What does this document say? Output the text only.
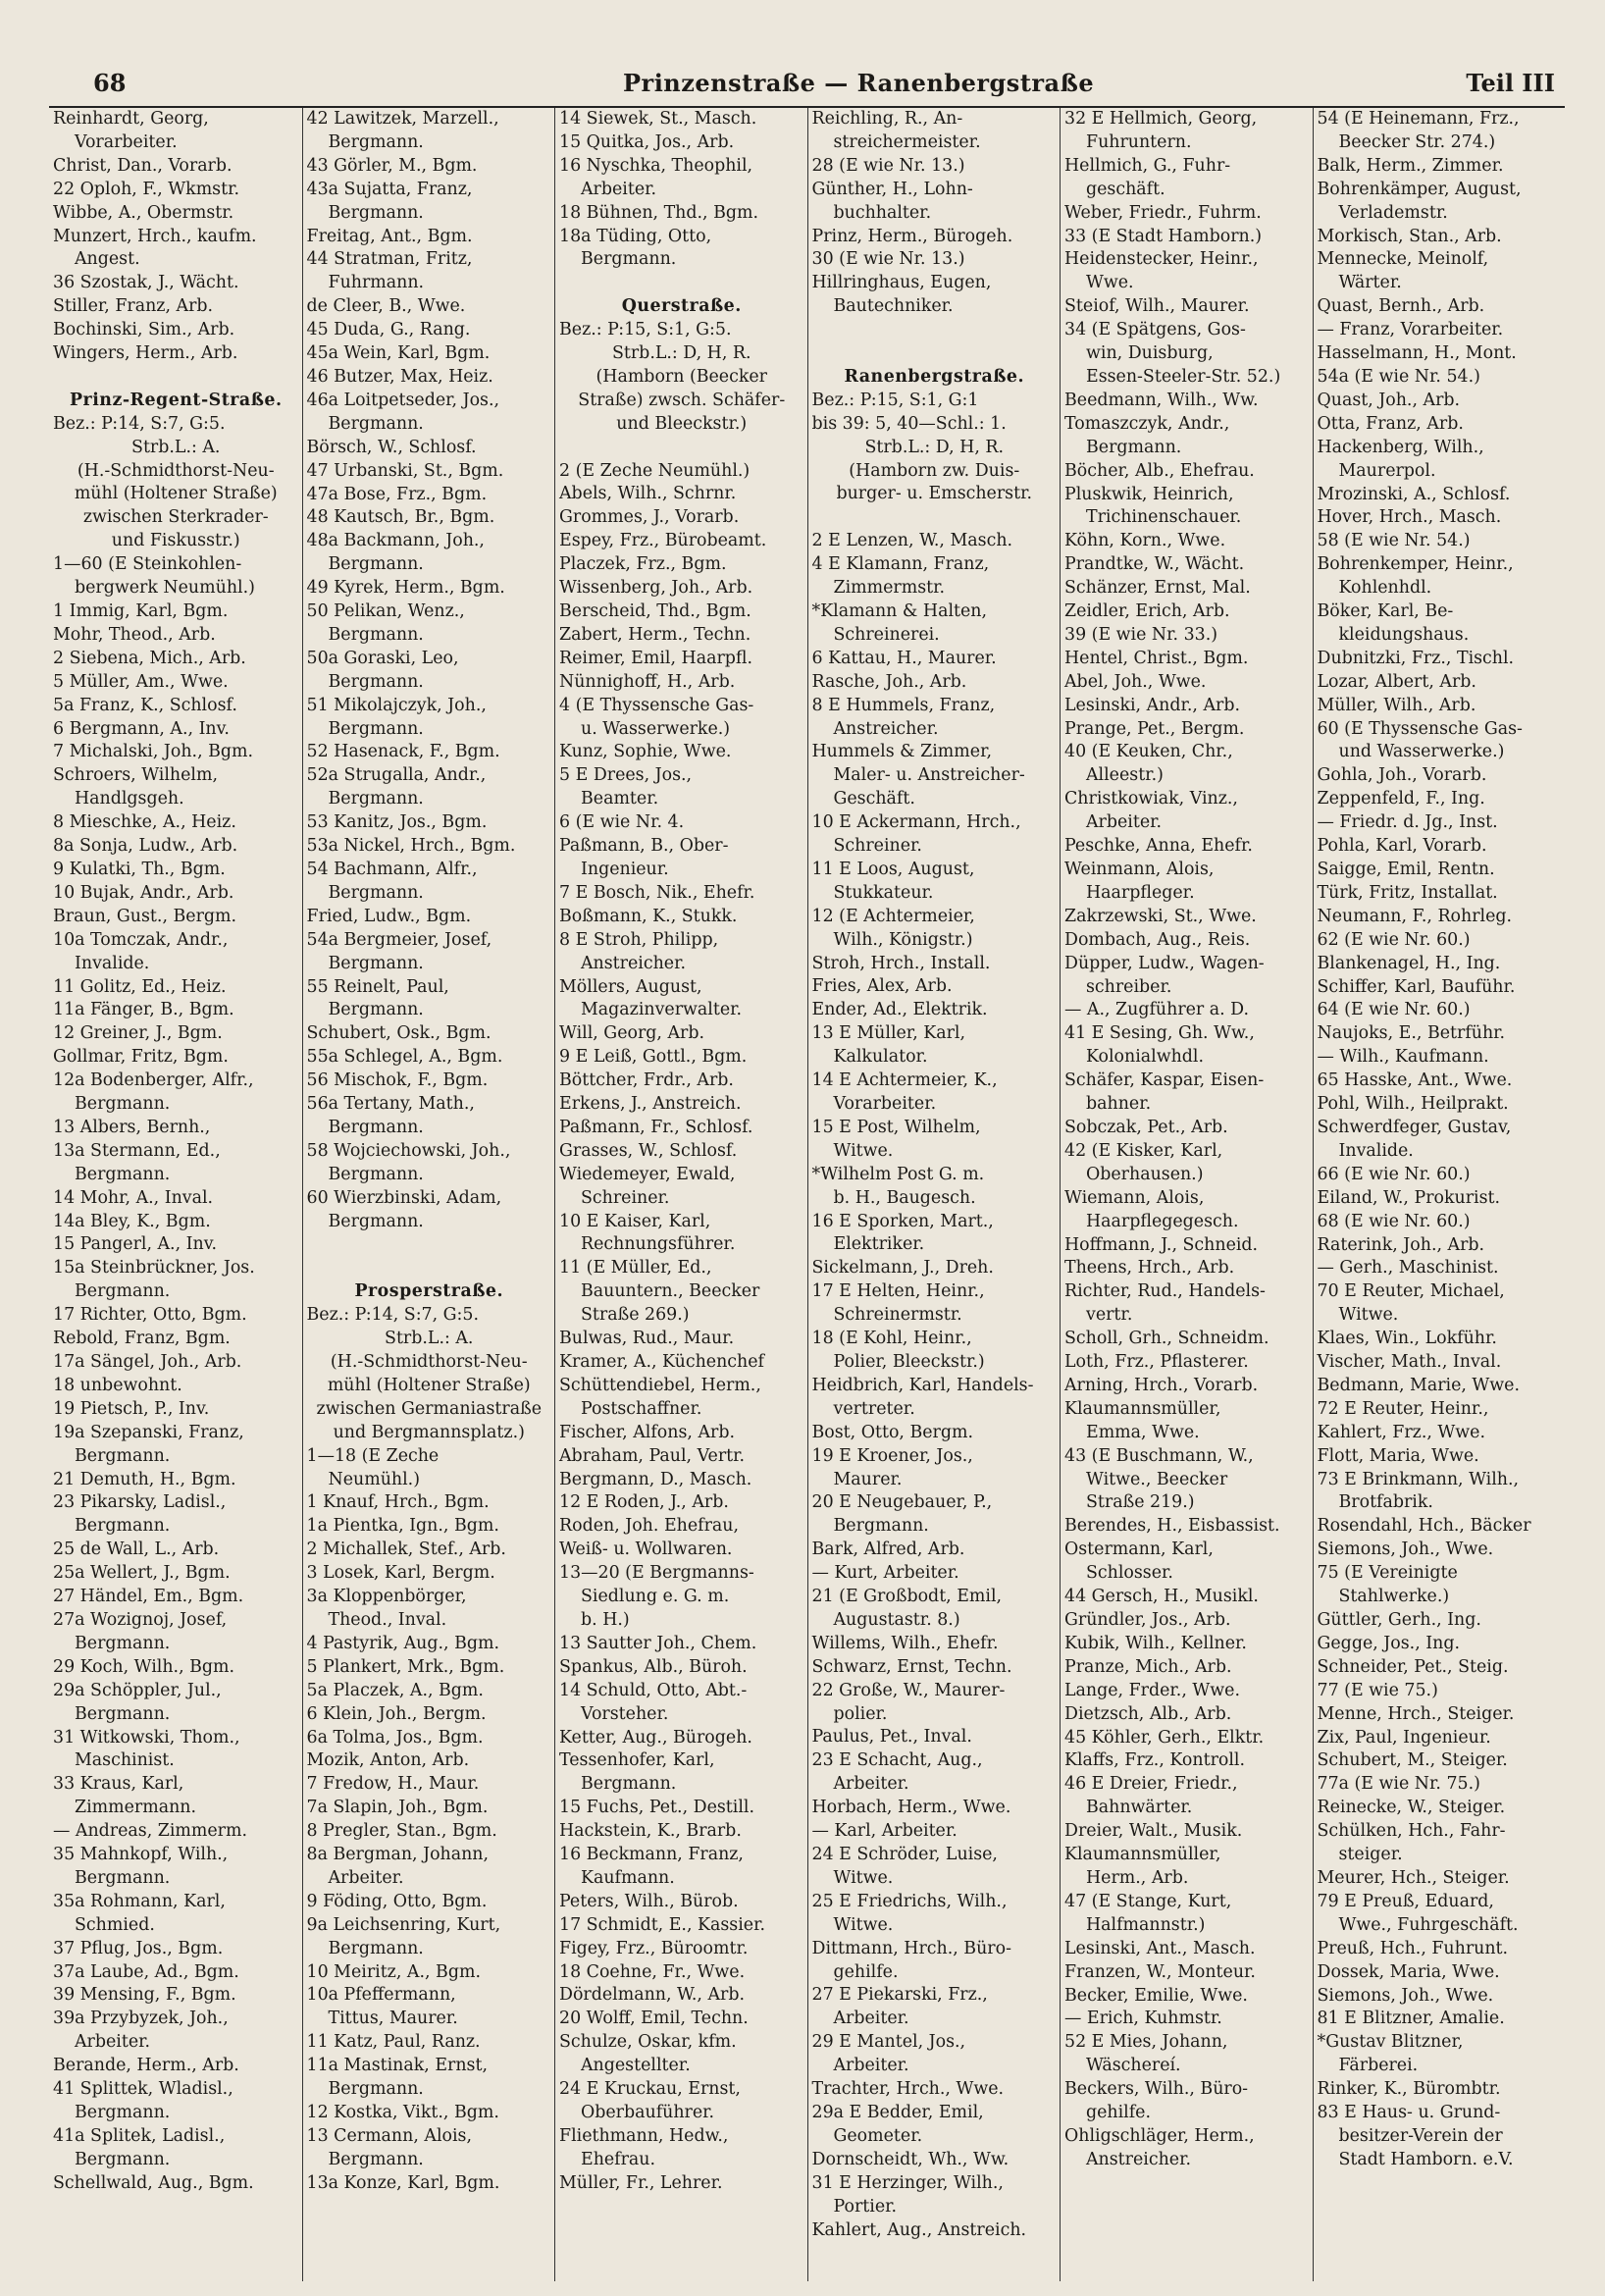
68	Prinzenstraße — Ranenbergstraße	Teil III
Reinhardt, Georg,
Vorarbeiter.
Christ, Dan., Vorarb.
22 Oploh, F., Wkmstr.
Wibbe, A., Obermstr.
Munzert, Hrch., kaufm.
Angest.
36 Szostak, J., Wächt.
Stiller, Franz, Arb.
Bochinski, Sim., Arb.
Wingers, Herm., Arb.
Prinz-Regent-Straße.
Bez.: P:14, S:7, G:5.
Strb.L.: A.
(H.-Schmidthorst-Neu-
mühl (Holtener Straße)
zwischen Sterkrader-
und Fiskusstr.)
1—60 (E Steinkohlen-
bergwerk Neumühl.)
1 Immig, Karl, Bgm.
Mohr, Theod., Arb.
2 Siebena, Mich., Arb.
5 Müller, Am., Wwe.
5a Franz, K., Schlosf.
6 Bergmann, A., Inv.
7 Michalski, Joh., Bgm.
Schroers, Wilhelm,
Handlgsgeh.
8 Mieschke, A., Heiz.
8a Sonja, Ludw., Arb.
9 Kulatki, Th., Bgm.
10 Bujak, Andr., Arb.
Braun, Gust., Bergm.
10a Tomczak, Andr.,
Invalide.
11 Golitz, Ed., Heiz.
11a Fänger, B., Bgm.
12 Greiner, J., Bgm.
Gollmar, Fritz, Bgm.
12a Bodenberger, Alfr.,
Bergmann.
13 Albers, Bernh.,
13a Stermann, Ed.,
Bergmann.
14 Mohr, A., Inval.
14a Bley, K., Bgm.
15 Pangerl, A., Inv.
15a Steinbrückner, Jos.
Bergmann.
17 Richter, Otto, Bgm.
Rebold, Franz, Bgm.
17a Sängel, Joh., Arb.
18 unbewohnt.
19 Pietsch, P., Inv.
19a Szepanski, Franz,
Bergmann.
21 Demuth, H., Bgm.
23 Pikarsky, Ladisl.,
Bergmann.
25 de Wall, L., Arb.
25a Wellert, J., Bgm.
27 Händel, Em., Bgm.
27a Wozignoj, Josef,
Bergmann.
29 Koch, Wilh., Bgm.
29a Schöppler, Jul.,
Bergmann.
31 Witkowski, Thom.,
Maschinist.
33 Kraus, Karl,
Zimmermann.
— Andreas, Zimmerm.
35 Mahnkopf, Wilh.,
Bergmann.
35a Rohmann, Karl,
Schmied.
37 Pflug, Jos., Bgm.
37a Laube, Ad., Bgm.
39 Mensing, F., Bgm.
39a Przybyzek, Joh.,
Arbeiter.
Berande, Herm., Arb.
41 Splittek, Wladisl.,
Bergmann.
41a Splitek, Ladisl.,
Bergmann.
Schellwald, Aug., Bgm.
42 Lawitzek, Marzell.,
Bergmann.
43 Görler, M., Bgm.
43a Sujatta, Franz,
Bergmann.
Freitag, Ant., Bgm.
44 Stratman, Fritz,
Fuhrmann.
de Cleer, B., Wwe.
45 Duda, G., Rang.
45a Wein, Karl, Bgm.
46 Butzer, Max, Heiz.
46a Loitpetseder, Jos.,
Bergmann.
Börsch, W., Schlosf.
47 Urbanski, St., Bgm.
47a Bose, Frz., Bgm.
48 Kautsch, Br., Bgm.
48a Backmann, Joh.,
Bergmann.
49 Kyrek, Herm., Bgm.
50 Pelikan, Wenz.,
Bergmann.
50a Goraski, Leo,
Bergmann.
51 Mikolajczyk, Joh.,
Bergmann.
52 Hasenack, F., Bgm.
52a Strugalla, Andr.,
Bergmann.
53 Kanitz, Jos., Bgm.
53a Nickel, Hrch., Bgm.
54 Bachmann, Alfr.,
Bergmann.
Fried, Ludw., Bgm.
54a Bergmeier, Josef,
Bergmann.
55 Reinelt, Paul,
Bergmann.
Schubert, Osk., Bgm.
55a Schlegel, A., Bgm.
56 Mischok, F., Bgm.
56a Tertany, Math.,
Bergmann.
58 Wojciechowski, Joh.,
Bergmann.
60 Wierzbinski, Adam,
Bergmann.
Prosperstraße.
Bez.: P:14, S:7, G:5.
Strb.L.: A.
(H.-Schmidthorst-Neu-
mühl (Holtener Straße)
zwischen Germaniastraße
und Bergmannsplatz.)
1—18 (E Zeche
Neumühl.)
1 Knauf, Hrch., Bgm.
1a Pientka, Ign., Bgm.
2 Michallek, Stef., Arb.
3 Losek, Karl, Bergm.
3a Kloppenbörger,
Theod., Inval.
4 Pastyrik, Aug., Bgm.
5 Plankert, Mrk., Bgm.
5a Placzek, A., Bgm.
6 Klein, Joh., Bergm.
6a Tolma, Jos., Bgm.
Mozik, Anton, Arb.
7 Fredow, H., Maur.
7a Slapin, Joh., Bgm.
8 Pregler, Stan., Bgm.
8a Bergman, Johann,
Arbeiter.
9 Föding, Otto, Bgm.
9a Leichsenring, Kurt,
Bergmann.
10 Meiritz, A., Bgm.
10a Pfeffermann,
Tittus, Maurer.
11 Katz, Paul, Ranz.
11a Mastinak, Ernst,
Bergmann.
12 Kostka, Vikt., Bgm.
13 Cermann, Alois,
Bergmann.
13a Konze, Karl, Bgm.
14 Siewek, St., Masch.
15 Quitka, Jos., Arb.
16 Nyschka, Theophil,
Arbeiter.
18 Bühnen, Thd., Bgm.
18a Tüding, Otto,
Bergmann.
Querstraße.
Bez.: P:15, S:1, G:5.
Strb.L.: D, H, R.
(Hamborn (Beecker
Straße) zwsch. Schäfer-
und Bleeckstr.)
2 (E Zeche Neumühl.)
Abels, Wilh., Schrnr.
Grommes, J., Vorarb.
Espey, Frz., Bürobeamt.
Placzek, Frz., Bgm.
Wissenberg, Joh., Arb.
Berscheid, Thd., Bgm.
Zabert, Herm., Techn.
Reimer, Emil, Haarpfl.
Nünnighoff, H., Arb.
4 (E Thyssensche Gas-
u. Wasserwerke.)
Kunz, Sophie, Wwe.
5 E Drees, Jos.,
Beamter.
6 (E wie Nr. 4.
Paßmann, B., Ober-
Ingenieur.
7 E Bosch, Nik., Ehefr.
Boßmann, K., Stukk.
8 E Stroh, Philipp,
Anstreicher.
Möllers, August,
Magazinverwalter.
Will, Georg, Arb.
9 E Leiß, Gottl., Bgm.
Böttcher, Frdr., Arb.
Erkens, J., Anstreich.
Paßmann, Fr., Schlosf.
Grasses, W., Schlosf.
Wiedemeyer, Ewald,
Schreiner.
10 E Kaiser, Karl,
Rechnungsführer.
11 (E Müller, Ed.,
Bauuntern., Beecker
Straße 269.)
Bulwas, Rud., Maur.
Kramer, A., Küchenchef
Schüttendiebel, Herm.,
Postschaffner.
Fischer, Alfons, Arb.
Abraham, Paul, Vertr.
Bergmann, D., Masch.
12 E Roden, J., Arb.
Roden, Joh. Ehefrau,
Weiß- u. Wollwaren.
13—20 (E Bergmanns-
Siedlung e. G. m.
b. H.)
13 Sautter Joh., Chem.
Spankus, Alb., Büroh.
14 Schuld, Otto, Abt.-
Vorsteher.
Ketter, Aug., Bürogeh.
Tessenhofer, Karl,
Bergmann.
15 Fuchs, Pet., Destill.
Hackstein, K., Brarb.
16 Beckmann, Franz,
Kaufmann.
Peters, Wilh., Bürob.
17 Schmidt, E., Kassier.
Figey, Frz., Büroomtr.
18 Coehne, Fr., Wwe.
Dördelmann, W., Arb.
20 Wolff, Emil, Techn.
Schulze, Oskar, kfm.
Angestellter.
24 E Kruckau, Ernst,
Oberbauführer.
Fliethmann, Hedw.,
Ehefrau.
Müller, Fr., Lehrer.
Reichling, R., An-
streichermeister.
28 (E wie Nr. 13.)
Günther, H., Lohn-
buchhalter.
Prinz, Herm., Bürogeh.
30 (E wie Nr. 13.)
Hillringhaus, Eugen,
Bautechniker.
Ranenbergstraße.
Bez.: P:15, S:1, G:1
bis 39: 5, 40—Schl.: 1.
Strb.L.: D, H, R.
(Hamborn zw. Duis-
burger- u. Emscherstr.
2 E Lenzen, W., Masch.
4 E Klamann, Franz,
Zimmermstr.
*Klamann & Halten,
Schreinerei.
6 Kattau, H., Maurer.
Rasche, Joh., Arb.
8 E Hummels, Franz,
Anstreicher.
Hummels & Zimmer,
Maler- u. Anstreicher-
Geschäft.
10 E Ackermann, Hrch.,
Schreiner.
11 E Loos, August,
Stukkateur.
12 (E Achtermeier,
Wilh., Königstr.)
Stroh, Hrch., Install.
Fries, Alex, Arb.
Ender, Ad., Elektrik.
13 E Müller, Karl,
Kalkulator.
14 E Achtermeier, K.,
Vorarbeiter.
15 E Post, Wilhelm,
Witwe.
*Wilhelm Post G. m.
b. H., Baugesch.
16 E Sporken, Mart.,
Elektriker.
Sickelmann, J., Dreh.
17 E Helten, Heinr.,
Schreinermstr.
18 (E Kohl, Heinr.,
Polier, Bleeckstr.)
Heidbrich, Karl, Handels-
vertreter.
Bost, Otto, Bergm.
19 E Kroener, Jos.,
Maurer.
20 E Neugebauer, P.,
Bergmann.
Bark, Alfred, Arb.
— Kurt, Arbeiter.
21 (E Großbodt, Emil,
Augustastr. 8.)
Willems, Wilh., Ehefr.
Schwarz, Ernst, Techn.
22 Große, W., Maurer-
polier.
Paulus, Pet., Inval.
23 E Schacht, Aug.,
Arbeiter.
Horbach, Herm., Wwe.
— Karl, Arbeiter.
24 E Schröder, Luise,
Witwe.
25 E Friedrichs, Wilh.,
Witwe.
Dittmann, Hrch., Büro-
gehilfe.
27 E Piekarski, Frz.,
Arbeiter.
29 E Mantel, Jos.,
Arbeiter.
Trachter, Hrch., Wwe.
29a E Bedder, Emil,
Geometer.
Dornscheidt, Wh., Ww.
31 E Herzinger, Wilh.,
Portier.
Kahlert, Aug., Anstreich.
32 E Hellmich, Georg,
Fuhruntern.
Hellmich, G., Fuhr-
geschäft.
Weber, Friedr., Fuhrm.
33 (E Stadt Hamborn.)
Heidenstecker, Heinr.,
Wwe.
Steiof, Wilh., Maurer.
34 (E Spätgens, Gos-
win, Duisburg,
Essen-Steeler-Str. 52.)
Beedmann, Wilh., Ww.
Tomaszczyk, Andr.,
Bergmann.
Böcher, Alb., Ehefrau.
Pluskwik, Heinrich,
Trichinenschauer.
Köhn, Korn., Wwe.
Prandtke, W., Wächt.
Schänzer, Ernst, Mal.
Zeidler, Erich, Arb.
39 (E wie Nr. 33.)
Hentel, Christ., Bgm.
Abel, Joh., Wwe.
Lesinski, Andr., Arb.
Prange, Pet., Bergm.
40 (E Keuken, Chr.,
Alleestr.)
Christkowiak, Vinz.,
Arbeiter.
Peschke, Anna, Ehefr.
Weinmann, Alois,
Haarpfleger.
Zakrzewski, St., Wwe.
Dombach, Aug., Reis.
Düpper, Ludw., Wagen-
schreiber.
— A., Zugführer a. D.
41 E Sesing, Gh. Ww.,
Kolonialwhdl.
Schäfer, Kaspar, Eisen-
bahner.
Sobczak, Pet., Arb.
42 (E Kisker, Karl,
Oberhausen.)
Wiemann, Alois,
Haarpflegegesch.
Hoffmann, J., Schneid.
Theens, Hrch., Arb.
Richter, Rud., Handels-
vertr.
Scholl, Grh., Schneidm.
Loth, Frz., Pflasterer.
Arning, Hrch., Vorarb.
Klaumannsmüller,
Emma, Wwe.
43 (E Buschmann, W.,
Witwe., Beecker
Straße 219.)
Berendes, H., Eisbassist.
Ostermann, Karl,
Schlosser.
44 Gersch, H., Musikl.
Gründler, Jos., Arb.
Kubik, Wilh., Kellner.
Pranze, Mich., Arb.
Lange, Frder., Wwe.
Dietzsch, Alb., Arb.
45 Köhler, Gerh., Elktr.
Klaffs, Frz., Kontroll.
46 E Dreier, Friedr.,
Bahnwärter.
Dreier, Walt., Musik.
Klaumannsmüller,
Herm., Arb.
47 (E Stange, Kurt,
Halfmannstr.)
Lesinski, Ant., Masch.
Franzen, W., Monteur.
Becker, Emilie, Wwe.
— Erich, Kuhmstr.
52 E Mies, Johann,
Wäschereí.
Beckers, Wilh., Büro-
gehilfe.
Ohligschläger, Herm.,
Anstreicher.
54 (E Heinemann, Frz.,
Beecker Str. 274.)
Balk, Herm., Zimmer.
Bohrenkämper, August,
Verlademstr.
Morkisch, Stan., Arb.
Mennecke, Meinolf,
Wärter.
Quast, Bernh., Arb.
— Franz, Vorarbeiter.
Hasselmann, H., Mont.
54a (E wie Nr. 54.)
Quast, Joh., Arb.
Otta, Franz, Arb.
Hackenberg, Wilh.,
Maurerpol.
Mrozinski, A., Schlosf.
Hover, Hrch., Masch.
58 (E wie Nr. 54.)
Bohrenkemper, Heinr.,
Kohlenhdl.
Böker, Karl, Be-
kleidungshaus.
Dubnitzki, Frz., Tischl.
Lozar, Albert, Arb.
Müller, Wilh., Arb.
60 (E Thyssensche Gas-
und Wasserwerke.)
Gohla, Joh., Vorarb.
Zeppenfeld, F., Ing.
— Friedr. d. Jg., Inst.
Pohla, Karl, Vorarb.
Saigge, Emil, Rentn.
Türk, Fritz, Installat.
Neumann, F., Rohrleg.
62 (E wie Nr. 60.)
Blankenagel, H., Ing.
Schiffer, Karl, Bauführ.
64 (E wie Nr. 60.)
Naujoks, E., Betrführ.
— Wilh., Kaufmann.
65 Hasske, Ant., Wwe.
Pohl, Wilh., Heilprakt.
Schwerdfeger, Gustav,
Invalide.
66 (E wie Nr. 60.)
Eiland, W., Prokurist.
68 (E wie Nr. 60.)
Raterink, Joh., Arb.
— Gerh., Maschinist.
70 E Reuter, Michael,
Witwe.
Klaes, Win., Lokführ.
Vischer, Math., Inval.
Bedmann, Marie, Wwe.
72 E Reuter, Heinr.,
Kahlert, Frz., Wwe.
Flott, Maria, Wwe.
73 E Brinkmann, Wilh.,
Brotfabrik.
Rosendahl, Hch., Bäcker
Siemons, Joh., Wwe.
75 (E Vereinigte
Stahlwerke.)
Güttler, Gerh., Ing.
Gegge, Jos., Ing.
Schneider, Pet., Steig.
77 (E wie 75.)
Menne, Hrch., Steiger.
Zix, Paul, Ingenieur.
Schubert, M., Steiger.
77a (E wie Nr. 75.)
Reinecke, W., Steiger.
Schülken, Hch., Fahr-
steiger.
Meurer, Hch., Steiger.
79 E Preuß, Eduard,
Wwe., Fuhrgeschäft.
Preuß, Hch., Fuhrunt.
Dossek, Maria, Wwe.
Siemons, Joh., Wwe.
81 E Blitzner, Amalie.
*Gustav Blitzner,
Färberei.
Rinker, K., Bürombtr.
83 E Haus- u. Grund-
besitzer-Verein der
Stadt Hamborn. e.V.
